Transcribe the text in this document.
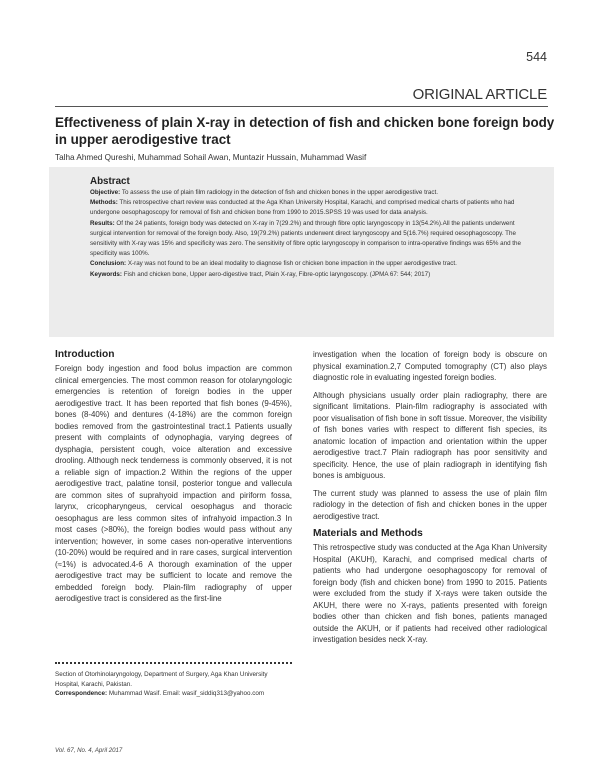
544
ORIGINAL ARTICLE
Effectiveness of plain X-ray in detection of fish and chicken bone foreign body in upper aerodigestive tract
Talha Ahmed Qureshi, Muhammad Sohail Awan, Muntazir Hussain, Muhammad Wasif
Abstract

Objective: To assess the use of plain film radiology in the detection of fish and chicken bones in the upper aerodigestive tract.

Methods: This retrospective chart review was conducted at the Aga Khan University Hospital, Karachi, and comprised medical charts of patients who had undergone oesophagoscopy for removal of fish and chicken bone from 1990 to 2015.SPSS 19 was used for data analysis.

Results: Of the 24 patients, foreign body was detected on X-ray in 7(29.2%) and through fibre optic laryngoscopy in 13(54.2%).All the patients underwent surgical intervention for removal of the foreign body. Also, 19(79.2%) patients underwent direct laryngoscopy and 5(16.7%) required oesophagoscopy. The sensitivity with X-ray was 15% and specificity was zero. The sensitivity of fibre optic laryngoscopy in comparison to intra-operative findings was 65% and the specificity was 100%.

Conclusion: X-ray was not found to be an ideal modality to diagnose fish or chicken bone impaction in the upper aerodigestive tract.

Keywords: Fish and chicken bone, Upper aero-digestive tract, Plain X-ray, Fibre-optic laryngoscopy. (JPMA 67: 544; 2017)

Introduction

Foreign body ingestion and food bolus impaction are common clinical emergencies. The most common reason for otolaryngologic emergencies is retention of foreign bodies in the upper aerodigestive tract. It has been reported that fish bones (9-45%), bones (8-40%) and dentures (4-18%) are the common foreign bodies removed from the gastrointestinal tract.1 Patients usually present with complaints of odynophagia, varying degrees of dysphagia, persistent cough, voice alteration and excessive drooling. Although neck tenderness is commonly observed, it is not a reliable sign of impaction.2 Within the regions of the upper aerodigestive tract, palatine tonsil, posterior tongue and vallecula are common sites of suprahyoid impaction and piriform fossa, larynx, cricopharyngeus, cervical oesophagus and thoracic oesophagus are less common sites of infrahyoid impaction.3 In most cases (>80%), the foreign bodies would pass without any intervention; however, in some cases non-operative interventions (10-20%) would be required and in rare cases, surgical intervention (≈1%) is advocated.4-6 A thorough examination of the upper aerodigestive tract may be sufficient to locate and remove the embedded foreign body. Plain-film radiography of upper aerodigestive tract is considered as the first-line

investigation when the location of foreign body is obscure on physical examination.2,7 Computed tomography (CT) also plays diagnostic role in evaluating ingested foreign bodies.

Although physicians usually order plain radiography, there are significant limitations. Plain-film radiography is associated with poor visualisation of fish bone in soft tissue. Moreover, the visibility of fish bones varies with respect to different fish species, its anatomic location of impaction and orientation within the upper aerodigestive tract.7 Plain radiograph has poor sensitivity and specificity. Hence, the use of plain radiograph in identifying fish bones is ambiguous.

The current study was planned to assess the use of plain film radiology in the detection of fish and chicken bones in the upper aerodigestive tract.

Materials and Methods

This retrospective study was conducted at the Aga Khan University Hospital (AKUH), Karachi, and comprised medical charts of patients who had undergone oesophagoscopy for removal of foreign body (fish and chicken bone) from 1990 to 2015. Patients were excluded from the study if X-rays were taken outside the AKUH, there were no X-rays, patients presented with foreign bodies other than chicken and fish bones, patients managed outside the AKUH, or if patients had received other radiological investigation besides neck X-ray.

Section of Otorhinolaryngology, Department of Surgery, Aga Khan University Hospital, Karachi, Pakistan.
Correspondence: Muhammad Wasif. Email: wasif_siddiq313@yahoo.com
Vol. 67, No. 4, April 2017
